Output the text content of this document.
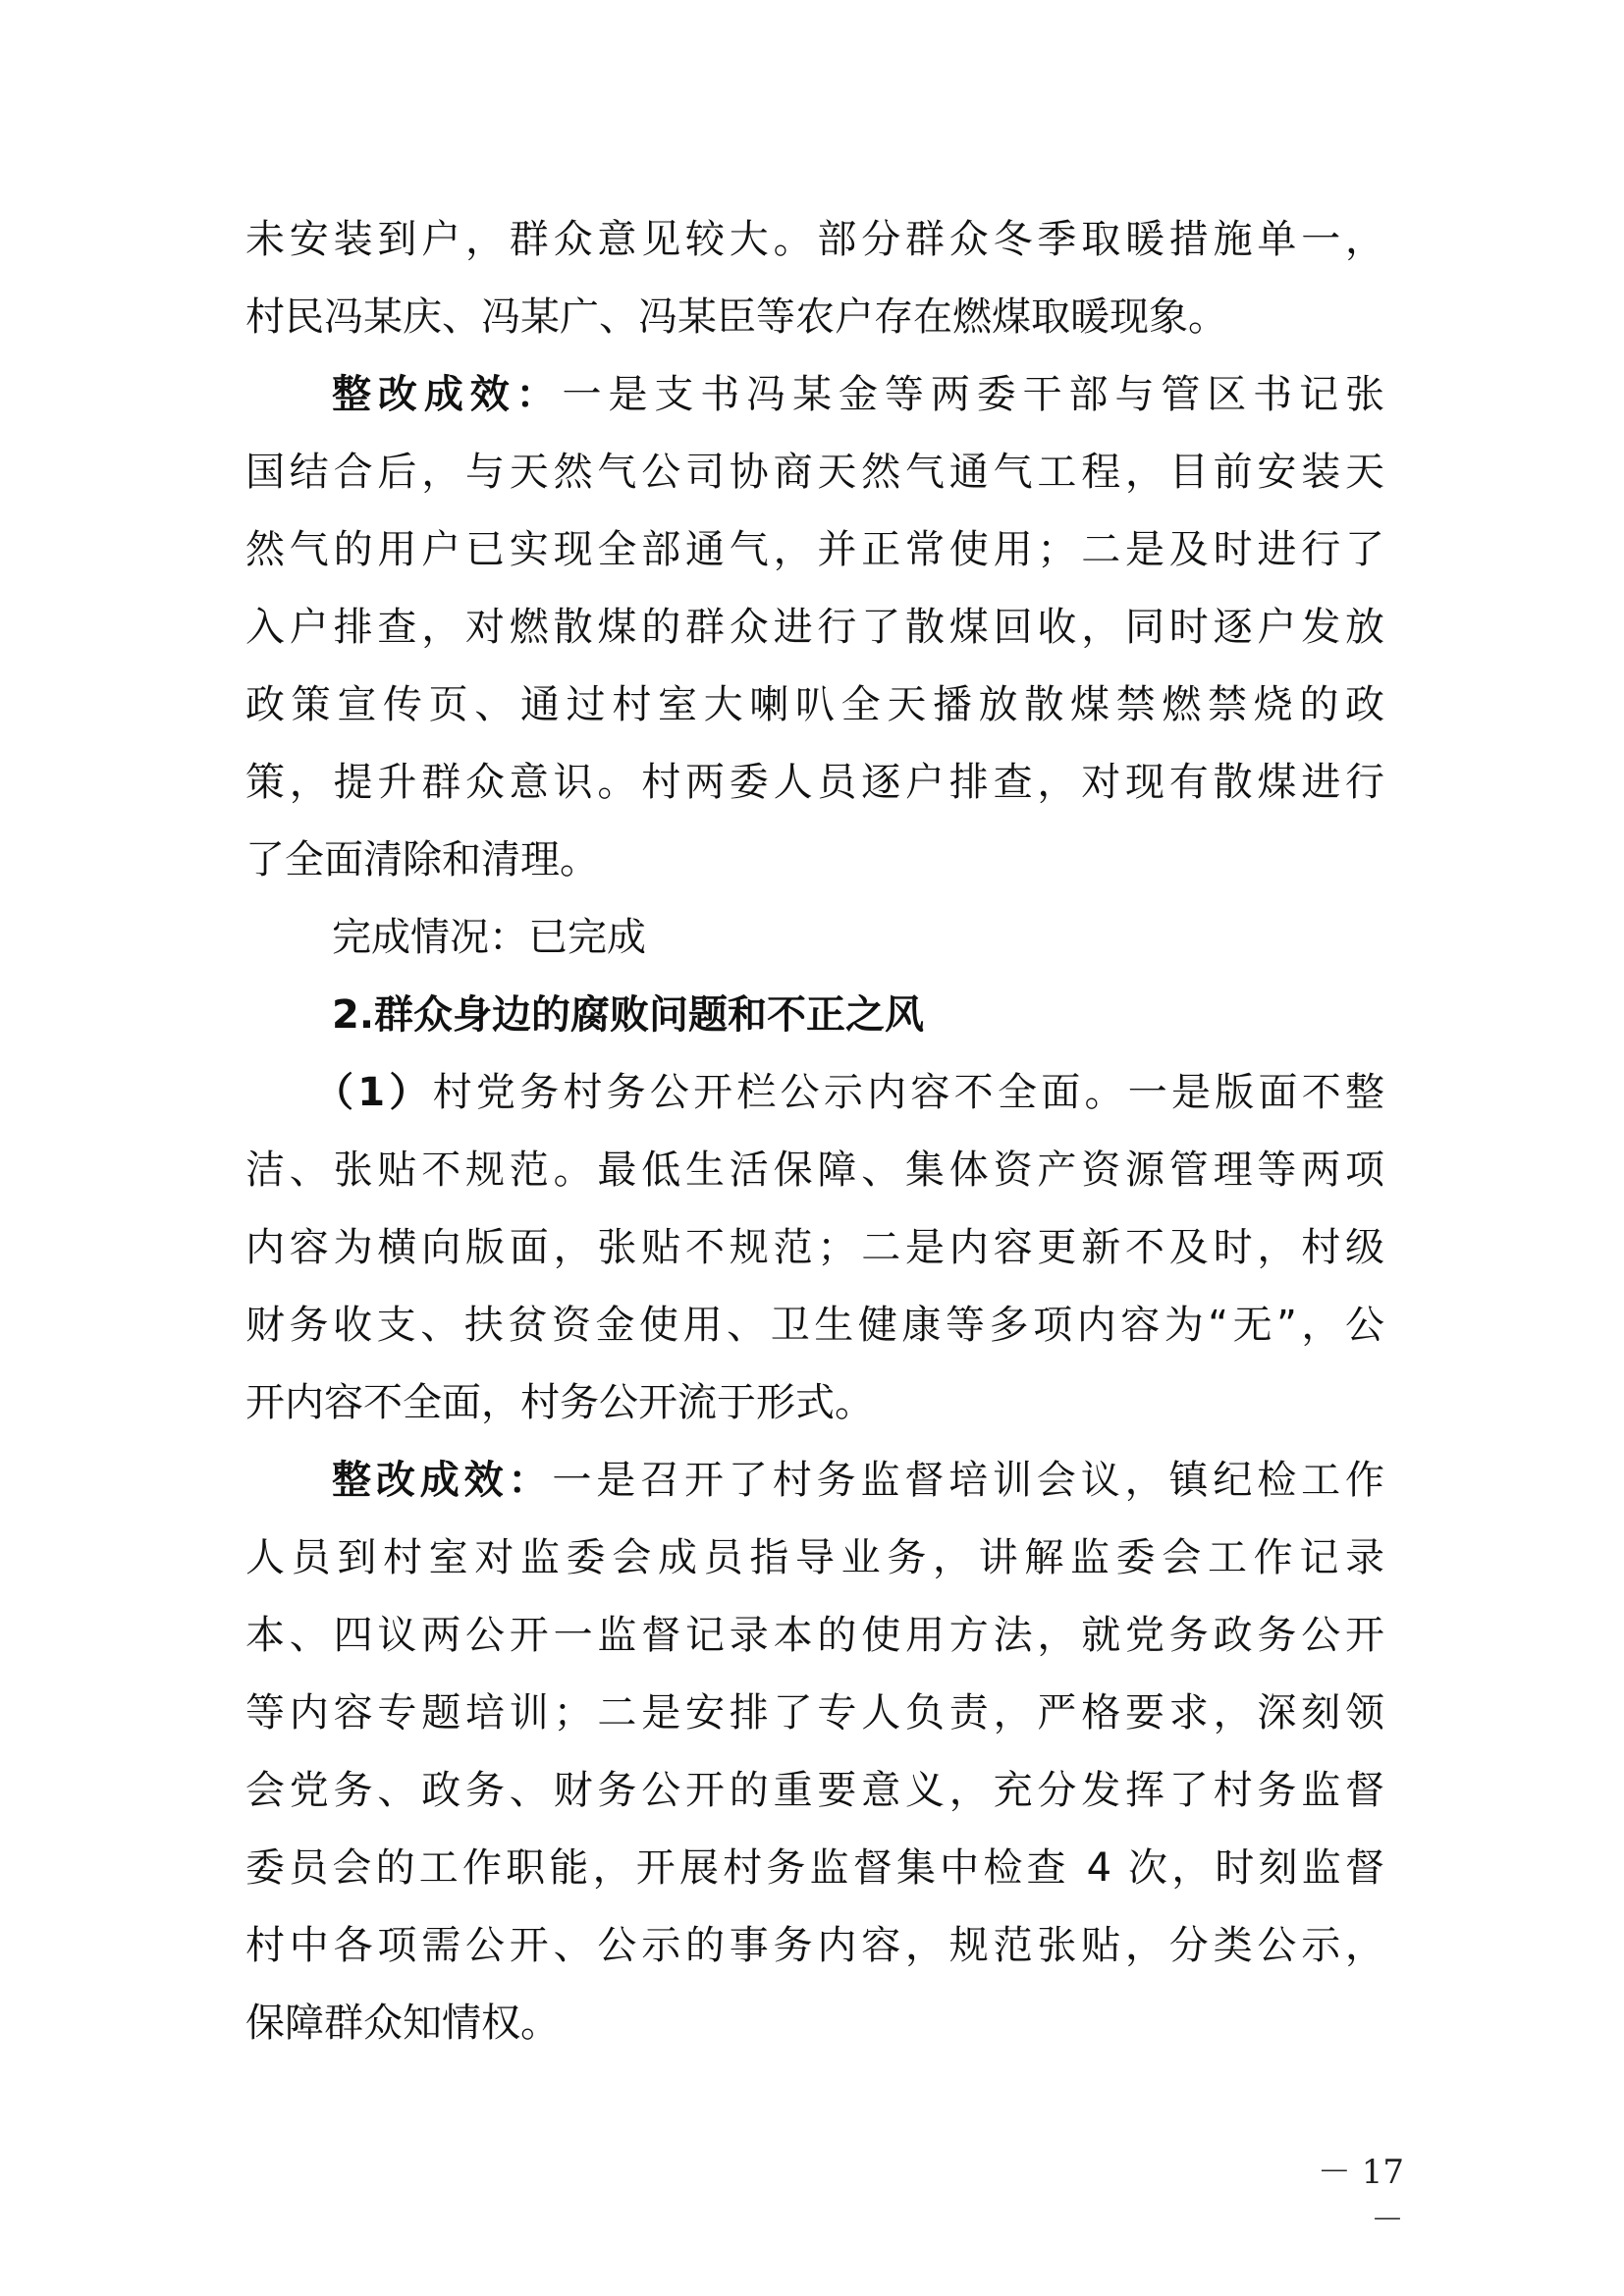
未安装到户，群众意见较大。部分群众冬季取暖措施单一，
村民冯某庆、冯某广、冯某臣等农户存在燃煤取暖现象。
整改成效：一是支书冯某金等两委干部与管区书记张
国结合后，与天然气公司协商天然气通气工程，目前安装天
然气的用户已实现全部通气，并正常使用；二是及时进行了
入户排查，对燃散煤的群众进行了散煤回收，同时逐户发放
政策宣传页、通过村室大喇叭全天播放散煤禁燃禁烧的政
策，提升群众意识。村两委人员逐户排查，对现有散煤进行
了全面清除和清理。
完成情况：已完成
2.群众身边的腐败问题和不正之风
（1）村党务村务公开栏公示内容不全面。一是版面不整
洁、张贴不规范。最低生活保障、集体资产资源管理等两项
内容为横向版面，张贴不规范；二是内容更新不及时，村级
财务收支、扶贫资金使用、卫生健康等多项内容为“无”，公
开内容不全面，村务公开流于形式。
整改成效：一是召开了村务监督培训会议，镇纪检工作
人员到村室对监委会成员指导业务，讲解监委会工作记录
本、四议两公开一监督记录本的使用方法，就党务政务公开
等内容专题培训；二是安排了专人负责，严格要求，深刻领
会党务、政务、财务公开的重要意义，充分发挥了村务监督
委员会的工作职能，开展村务监督集中检查 4 次，时刻监督
村中各项需公开、公示的事务内容，规范张贴，分类公示，
保障群众知情权。
－ 17 －
